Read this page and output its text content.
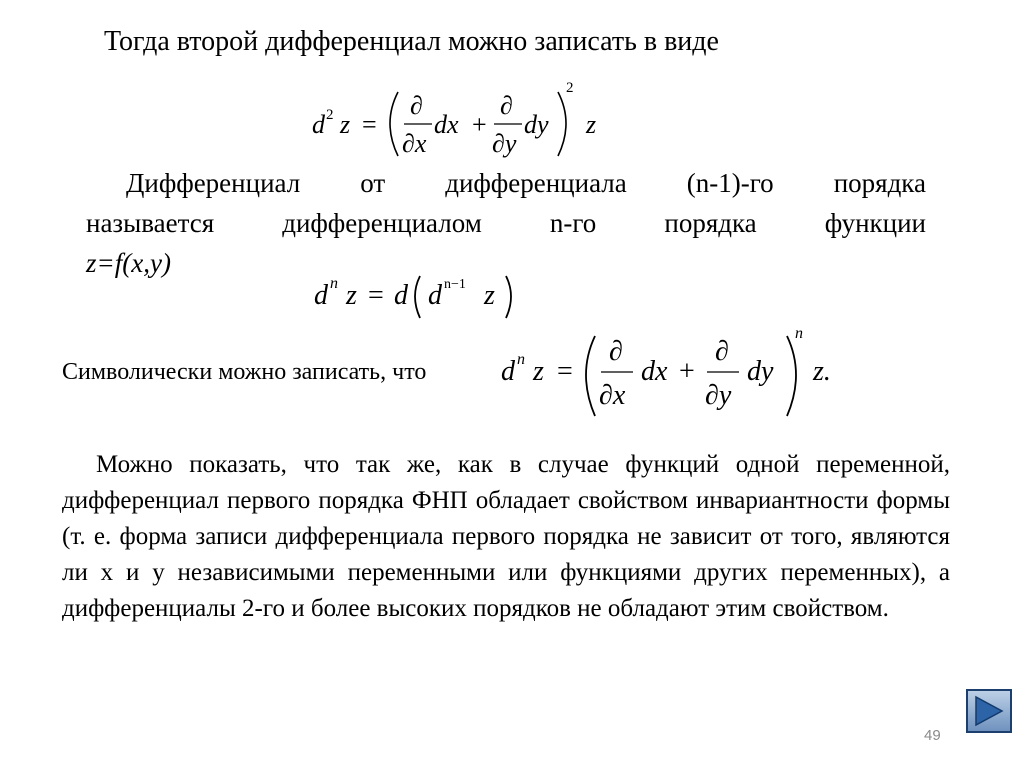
Тогда второй дифференциал можно записать в виде
d 2 z =
∂
∂x
dx +
∂
∂y
dy
2
z
Дифференциал от дифференциала (n-1)-го порядка
называется дифференциалом n-го порядка функции
z=f(x,y)
d n z = d d n−1 z
Символически можно записать, что	d n z =
∂
∂x
dx +
∂
∂y
dy
n
z.
Можно показать, что так же, как в случае функций одной переменной, дифференциал первого порядка ФНП обладает свойством инвариантности формы (т. е. форма записи дифференциала первого порядка не зависит от того, являются ли x и y независимыми переменными или функциями других переменных), а дифференциалы 2-го и более высоких порядков не обладают этим свойством.
49
